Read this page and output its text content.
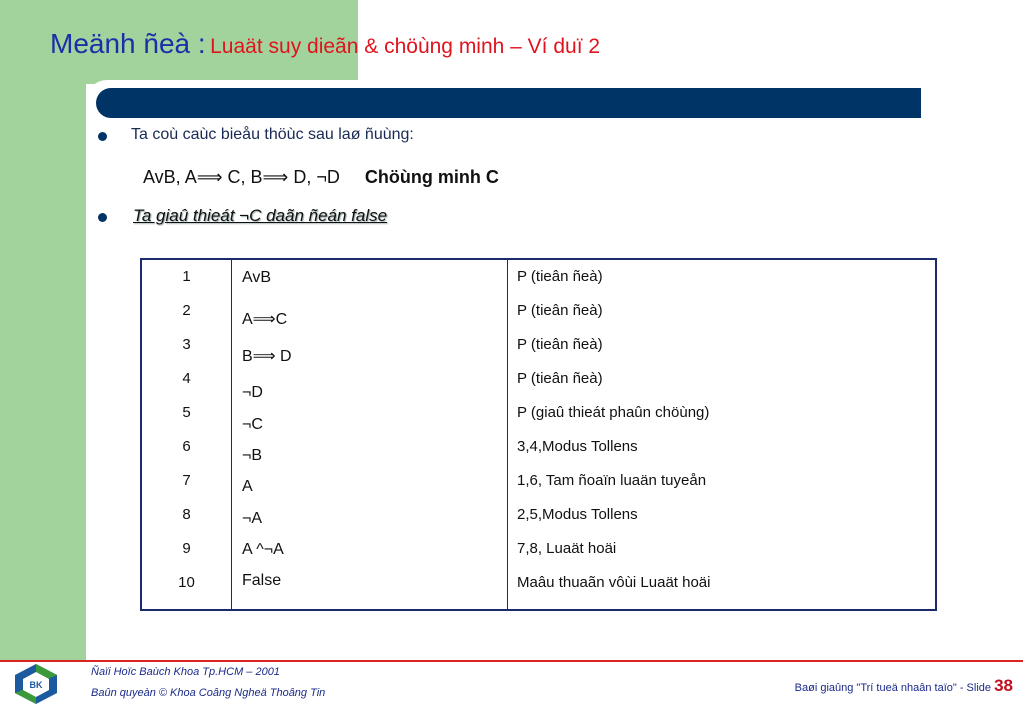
Meänh ñeà : Luaät suy dieãn & chöùng minh – Ví duï 2
Ta coù caùc bieåu thöùc sau laø ñuùng:
AvB, A⟹ C, B⟹ D, ¬D Chöùng minh C
Ta giaû thieát ¬C daãn ñeán false
1
2
3
4
5
6
7
8
9
10
AvB
A⟹C
B⟹ D
¬D
¬C
¬B
A
¬A
A ^¬A
False
P (tieân ñeà)
P (tieân ñeà)
P (tieân ñeà)
P (tieân ñeà)
P (giaû thieát phaûn chöùng)
3,4,Modus Tollens
1,6, Tam ñoaïn luaän tuyeån
2,5,Modus Tollens
7,8, Luaät hoäi
Maâu thuaãn vôùi Luaät hoäi
BK
Ñaïi Hoïc Baùch Khoa Tp.HCM – 2001
Baûn quyeàn © Khoa Coâng Ngheä Thoâng Tin	Baøi giaûng "Trí tueä nhaân taïo" - Slide 38
